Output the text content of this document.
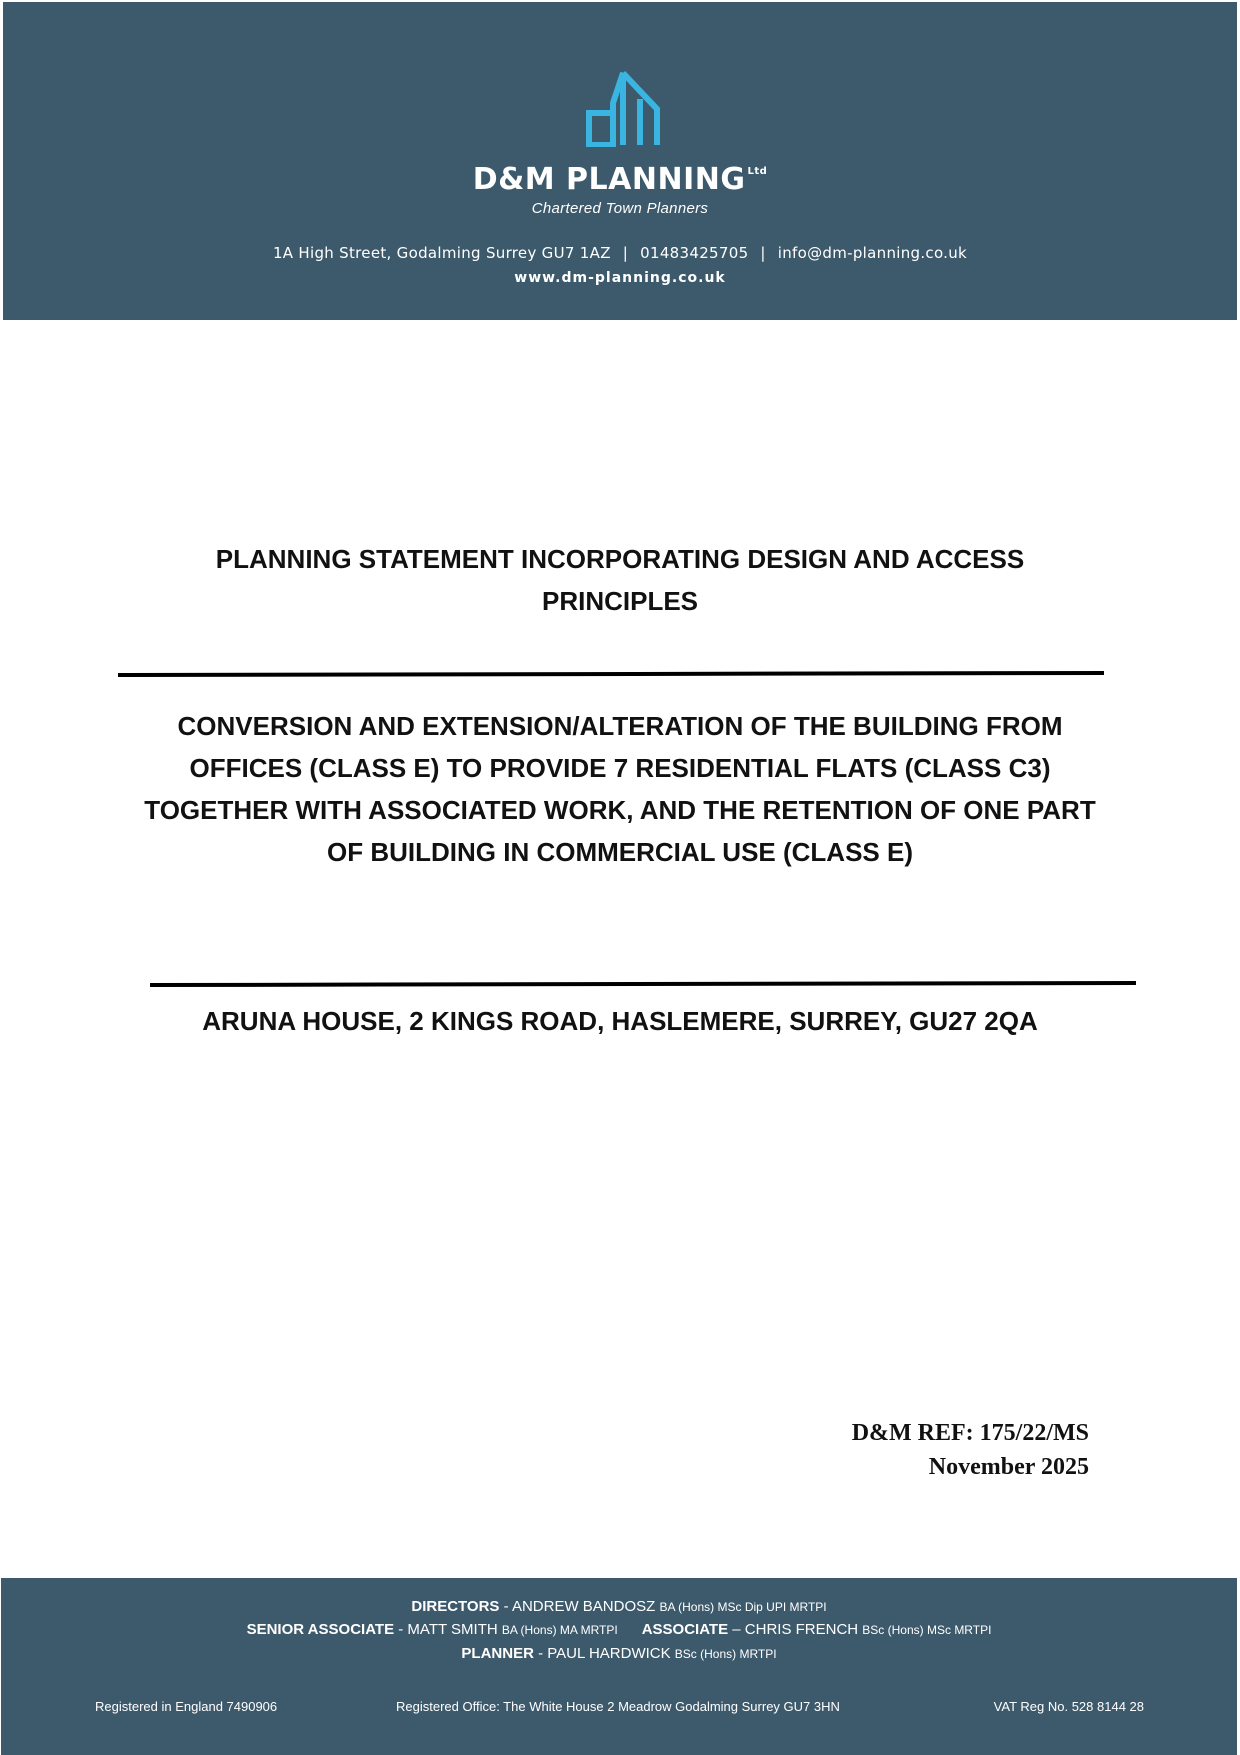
D&M PLANNING $^{Ltd}$
Chartered Town Planners
1A High Street, Godalming Surrey GU7 1AZ | 01483425705 | info@dm-planning.co.uk
www.dm-planning.co.uk
PLANNING STATEMENT INCORPORATING DESIGN AND ACCESS PRINCIPLES
CONVERSION AND EXTENSION/ALTERATION OF THE BUILDING FROM OFFICES (CLASS E) TO PROVIDE 7 RESIDENTIAL FLATS (CLASS C3) TOGETHER WITH ASSOCIATED WORK, AND THE RETENTION OF ONE PART OF BUILDING IN COMMERCIAL USE (CLASS E)
ARUNA HOUSE, 2 KINGS ROAD, HASLEMERE, SURREY, GU27 2QA
D&M REF: 175/22/MS
November 2025
DIRECTORS - ANDREW BANDOSZ BA (Hons) MSc Dip UPI MRTPI
SENIOR ASSOCIATE - MATT SMITH BA (Hons) MA MRTPI ASSOCIATE – CHRIS FRENCH BSc (Hons) MSc MRTPI
PLANNER - PAUL HARDWICK BSc (Hons) MRTPI
Registered in England 7490906	Registered Office: The White House 2 Meadrow Godalming Surrey GU7 3HN	VAT Reg No. 528 8144 28
